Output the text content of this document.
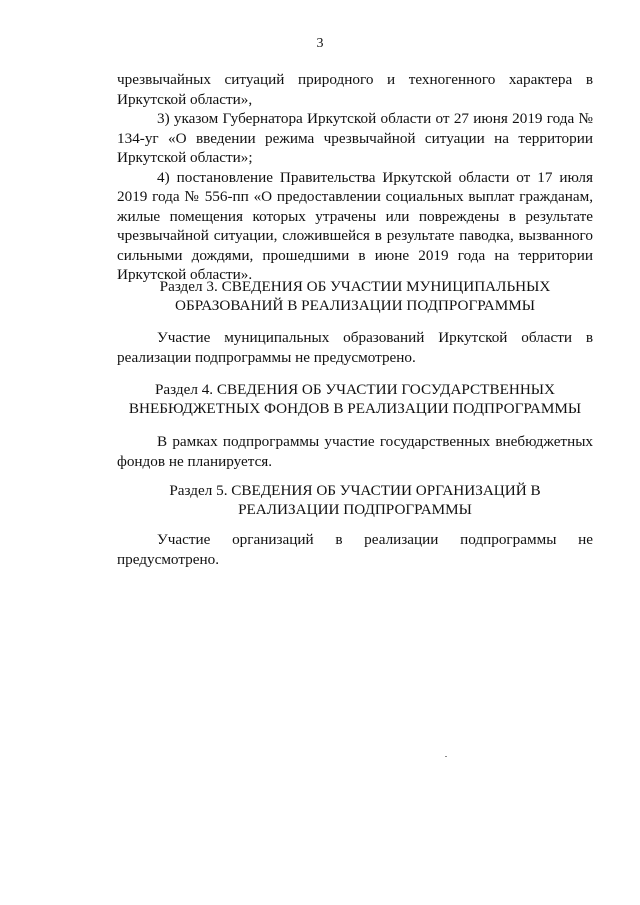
3

чрезвычайных ситуаций природного и техногенного характера в Иркутской области»,

3) указом Губернатора Иркутской области от 27 июня 2019 года № 134-уг «О введении режима чрезвычайной ситуации на территории Иркутской области»;

4) постановление Правительства Иркутской области от 17 июля 2019 года № 556-пп «О предоставлении социальных выплат гражданам, жилые помещения которых утрачены или повреждены в результате чрезвычайной ситуации, сложившейся в результате паводка, вызванного сильными дождями, прошедшими в июне 2019 года на территории Иркутской области».

Раздел 3. СВЕДЕНИЯ ОБ УЧАСТИИ МУНИЦИПАЛЬНЫХ
ОБРАЗОВАНИЙ В РЕАЛИЗАЦИИ ПОДПРОГРАММЫ

Участие муниципальных образований Иркутской области в реализации подпрограммы не предусмотрено.

Раздел 4. СВЕДЕНИЯ ОБ УЧАСТИИ ГОСУДАРСТВЕННЫХ
ВНЕБЮДЖЕТНЫХ ФОНДОВ В РЕАЛИЗАЦИИ ПОДПРОГРАММЫ

В рамках подпрограммы участие государственных внебюджетных фондов не планируется.

Раздел 5. СВЕДЕНИЯ ОБ УЧАСТИИ ОРГАНИЗАЦИЙ В
РЕАЛИЗАЦИИ ПОДПРОГРАММЫ

Участие организаций в реализации подпрограммы не предусмотрено.
